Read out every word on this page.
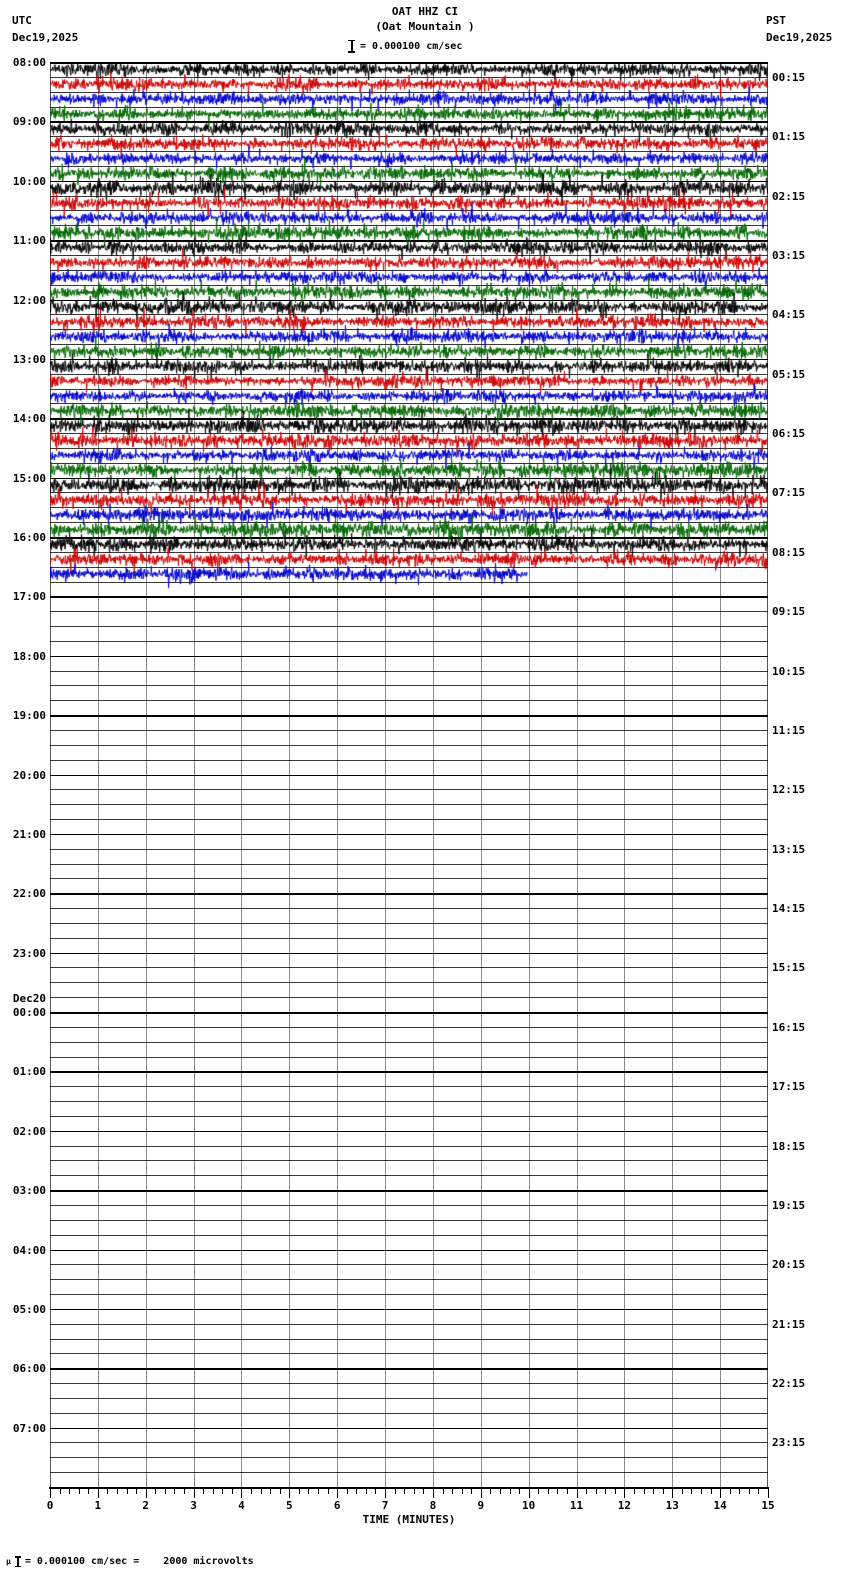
UTC
Dec19,2025
PST
Dec19,2025
OAT HHZ CI
(Oat Mountain )
= 0.000100 cm/sec
08:00
09:00
10:00
11:00
12:00
13:00
14:00
15:00
16:00
17:00
18:00
19:00
20:00
21:00
22:00
23:00
00:00
Dec20
01:00
02:00
03:00
04:00
05:00
06:00
07:00
00:15
01:15
02:15
03:15
04:15
05:15
06:15
07:15
08:15
09:15
10:15
11:15
12:15
13:15
14:15
15:15
16:15
17:15
18:15
19:15
20:15
21:15
22:15
23:15
0	1	2	3	4	5	6	7	8	9	10	11	12	13	14	15
TIME (MINUTES)
µ = 0.000100 cm/sec =    2000 microvolts
